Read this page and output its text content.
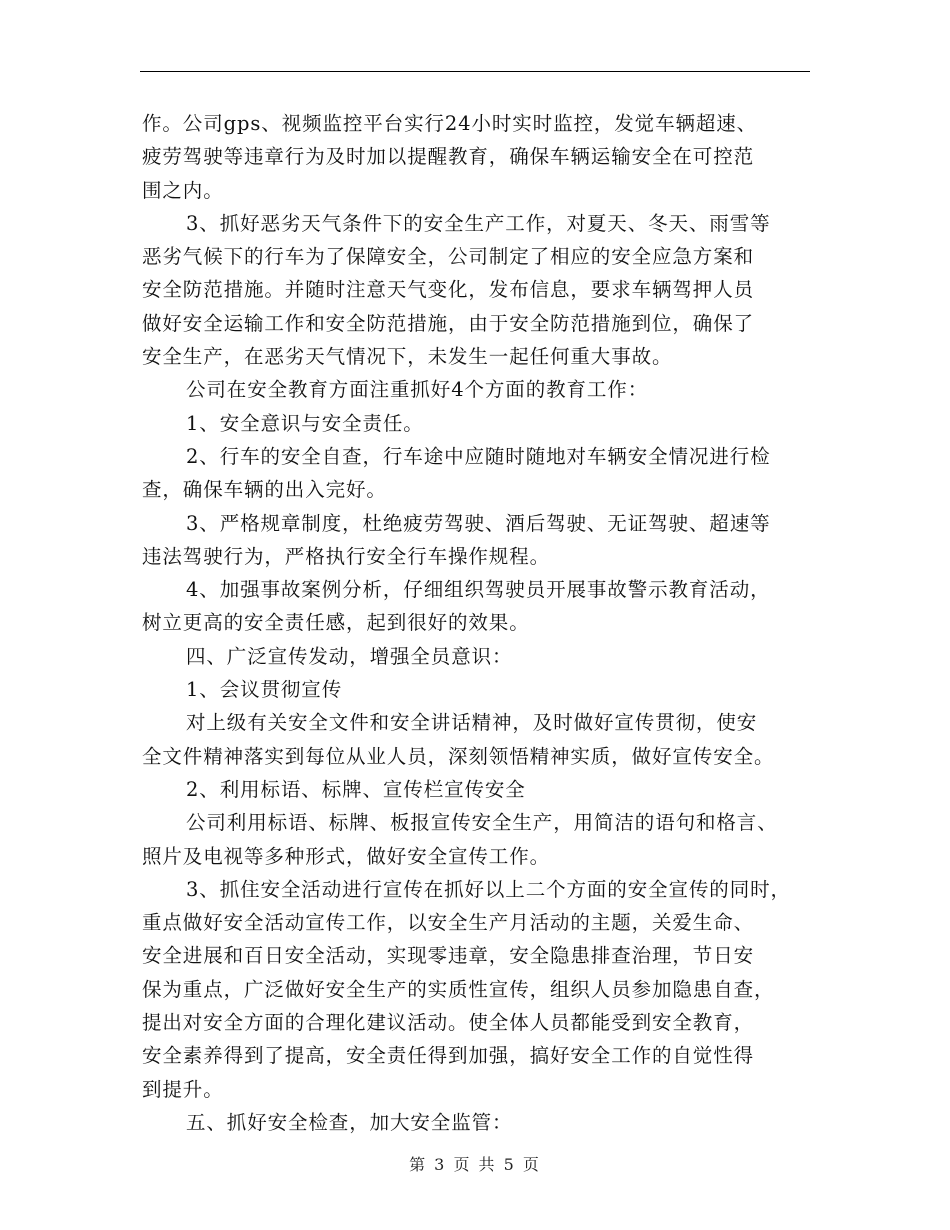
作。公司gps、视频监控平台实行24小时实时监控，发觉车辆超速、
疲劳驾驶等违章行为及时加以提醒教育，确保车辆运输安全在可控范
围之内。
3、抓好恶劣天气条件下的安全生产工作，对夏天、冬天、雨雪等
恶劣气候下的行车为了保障安全，公司制定了相应的安全应急方案和
安全防范措施。并随时注意天气变化，发布信息，要求车辆驾押人员
做好安全运输工作和安全防范措施，由于安全防范措施到位，确保了
安全生产，在恶劣天气情况下，未发生一起任何重大事故。
公司在安全教育方面注重抓好4个方面的教育工作：
1、安全意识与安全责任。
2、行车的安全自查，行车途中应随时随地对车辆安全情况进行检
查，确保车辆的出入完好。
3、严格规章制度，杜绝疲劳驾驶、酒后驾驶、无证驾驶、超速等
违法驾驶行为，严格执行安全行车操作规程。
4、加强事故案例分析，仔细组织驾驶员开展事故警示教育活动，
树立更高的安全责任感，起到很好的效果。
四、广泛宣传发动，增强全员意识：
1、会议贯彻宣传
对上级有关安全文件和安全讲话精神，及时做好宣传贯彻，使安
全文件精神落实到每位从业人员，深刻领悟精神实质，做好宣传安全。
2、利用标语、标牌、宣传栏宣传安全
公司利用标语、标牌、板报宣传安全生产，用简洁的语句和格言、
照片及电视等多种形式，做好安全宣传工作。
3、抓住安全活动进行宣传在抓好以上二个方面的安全宣传的同时，
重点做好安全活动宣传工作，以安全生产月活动的主题，关爱生命、
安全进展和百日安全活动，实现零违章，安全隐患排查治理，节日安
保为重点，广泛做好安全生产的实质性宣传，组织人员参加隐患自查，
提出对安全方面的合理化建议活动。使全体人员都能受到安全教育，
安全素养得到了提高，安全责任得到加强，搞好安全工作的自觉性得
到提升。
五、抓好安全检查，加大安全监管：
第 3 页 共 5 页
